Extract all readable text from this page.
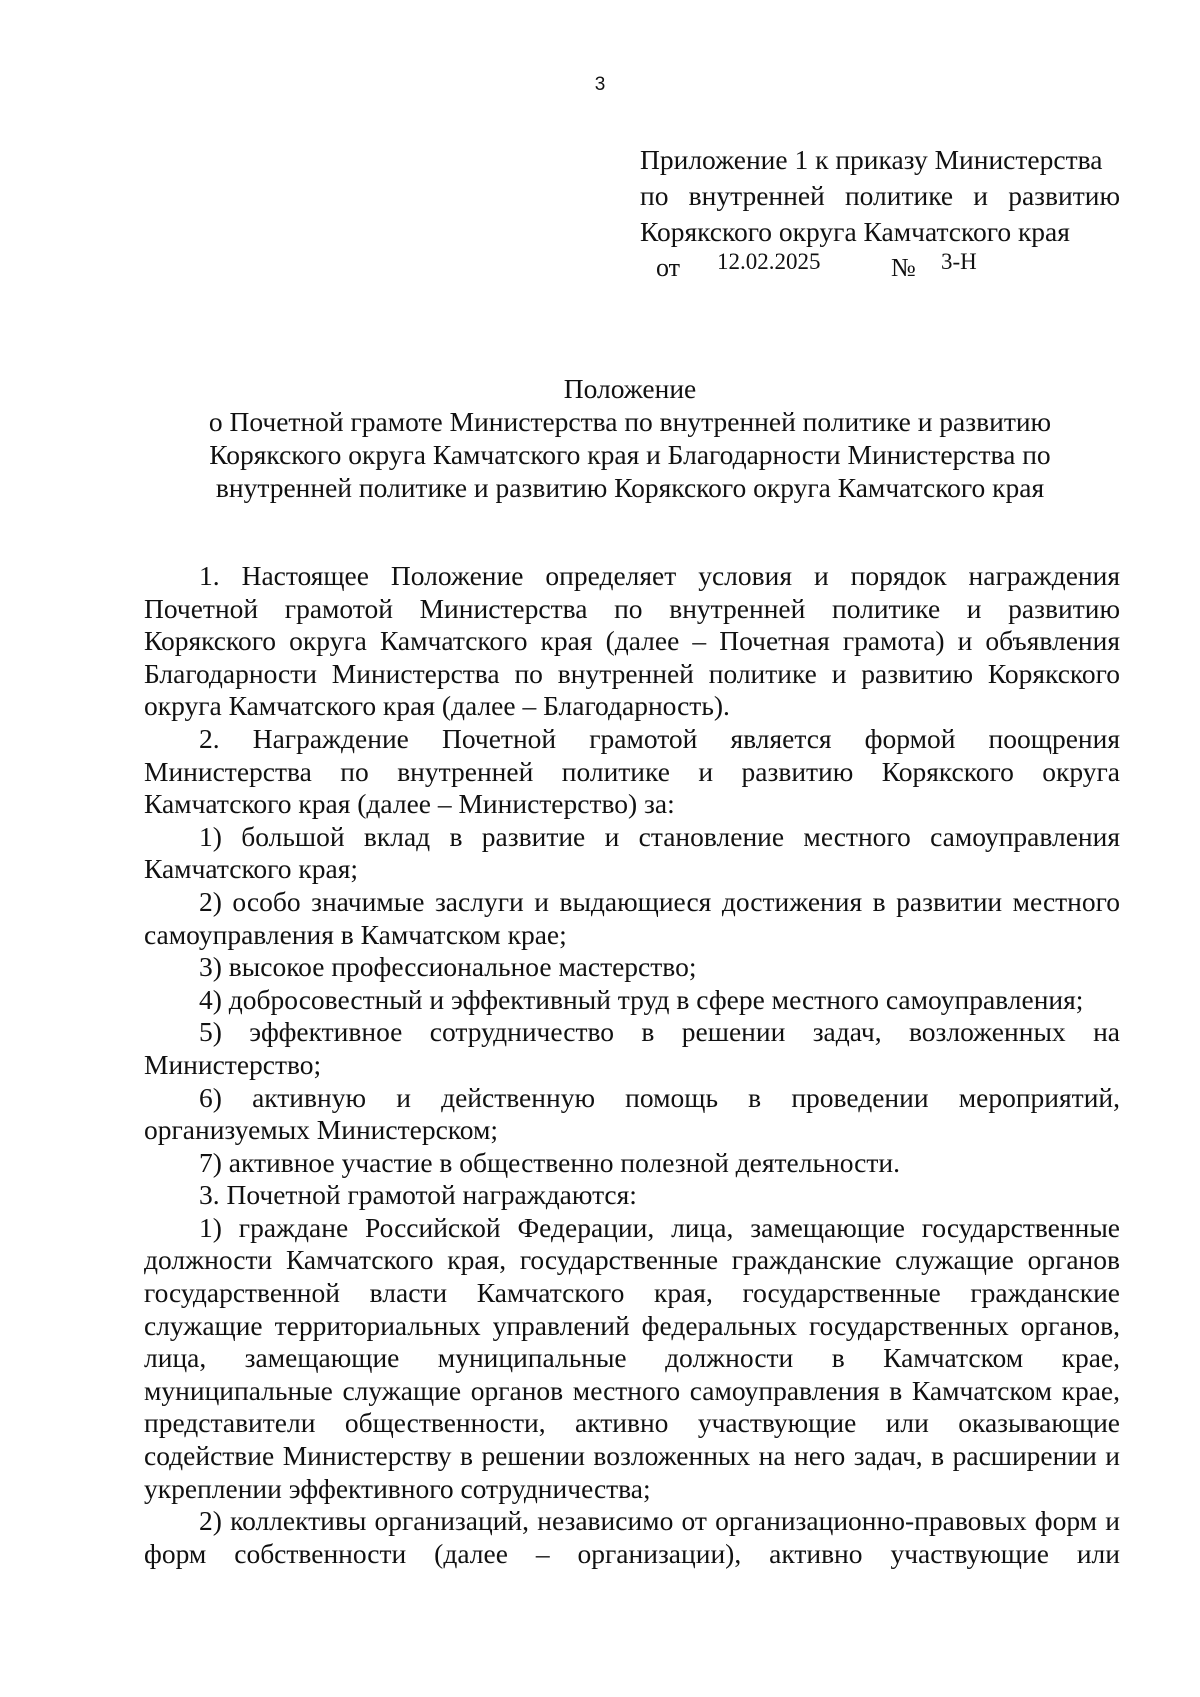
3
Приложение 1 к приказу Министерства
по внутренней политике и развитию
Корякского округа Камчатского края
от 12.02.2025	№ 3-Н
Положение
о Почетной грамоте Министерства по внутренней политике и развитию
Корякского округа Камчатского края и Благодарности Министерства по
внутренней политике и развитию Корякского округа Камчатского края

1. Настоящее Положение определяет условия и порядок награждения Почетной грамотой Министерства по внутренней политике и развитию Корякского округа Камчатского края (далее – Почетная грамота) и объявления Благодарности Министерства по внутренней политике и развитию Корякского округа Камчатского края (далее – Благодарность).

2. Награждение Почетной грамотой является формой поощрения Министерства по внутренней политике и развитию Корякского округа Камчатского края (далее – Министерство) за:

1) большой вклад в развитие и становление местного самоуправления Камчатского края;

2) особо значимые заслуги и выдающиеся достижения в развитии местного самоуправления в Камчатском крае;

3) высокое профессиональное мастерство;

4) добросовестный и эффективный труд в сфере местного самоуправления;

5) эффективное сотрудничество в решении задач, возложенных на Министерство;

6) активную и действенную помощь в проведении мероприятий, организуемых Министерском;

7) активное участие в общественно полезной деятельности.

3. Почетной грамотой награждаются:

1) граждане Российской Федерации, лица, замещающие государственные должности Камчатского края, государственные гражданские служащие органов государственной власти Камчатского края, государственные гражданские служащие территориальных управлений федеральных государственных органов, лица, замещающие муниципальные должности в Камчатском крае, муниципальные служащие органов местного самоуправления в Камчатском крае, представители общественности, активно участвующие или оказывающие содействие Министерству в решении возложенных на него задач, в расширении и укреплении эффективного сотрудничества;

2) коллективы организаций, независимо от организационно-правовых форм и форм собственности (далее – организации), активно участвующие или
